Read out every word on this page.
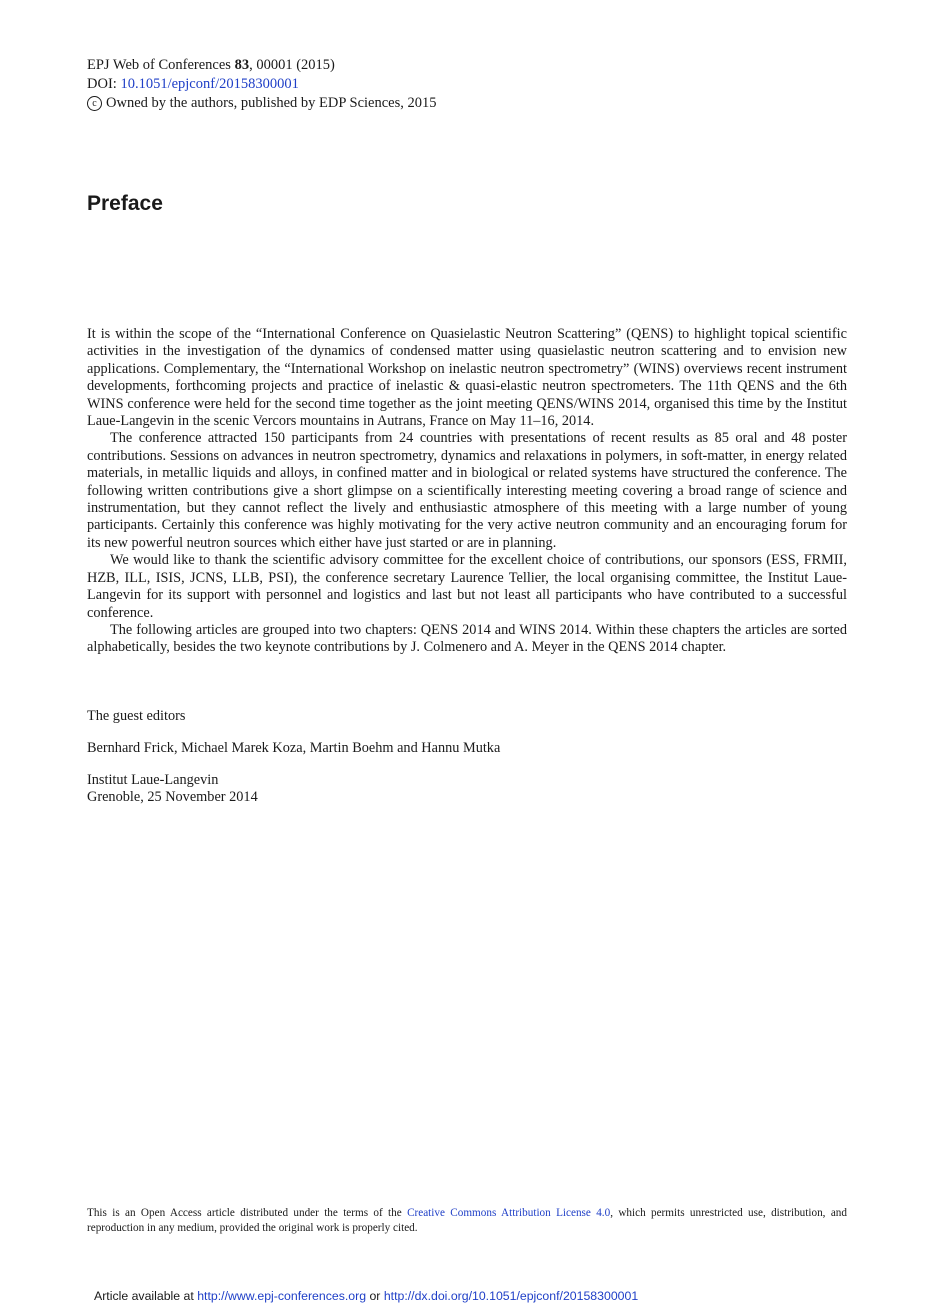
EPJ Web of Conferences 83, 00001 (2015)
DOI: 10.1051/epjconf/20158300001
c Owned by the authors, published by EDP Sciences, 2015
Preface

It is within the scope of the “International Conference on Quasielastic Neutron Scattering” (QENS) to highlight topical scientific activities in the investigation of the dynamics of condensed matter using quasielastic neutron scattering and to envision new applications. Complementary, the “International Workshop on inelastic neutron spectrometry” (WINS) overviews recent instrument developments, forthcoming projects and practice of inelastic & quasi-elastic neutron spectrometers. The 11th QENS and the 6th WINS conference were held for the second time together as the joint meeting QENS/WINS 2014, organised this time by the Institut Laue-Langevin in the scenic Vercors mountains in Autrans, France on May 11–16, 2014.

The conference attracted 150 participants from 24 countries with presentations of recent results as 85 oral and 48 poster contributions. Sessions on advances in neutron spectrometry, dynamics and relaxations in polymers, in soft-matter, in energy related materials, in metallic liquids and alloys, in confined matter and in biological or related systems have structured the conference. The following written contributions give a short glimpse on a scientifically interesting meeting covering a broad range of science and instrumentation, but they cannot reflect the lively and enthusiastic atmosphere of this meeting with a large number of young participants. Certainly this conference was highly motivating for the very active neutron community and an encouraging forum for its new powerful neutron sources which either have just started or are in planning.

We would like to thank the scientific advisory committee for the excellent choice of contributions, our sponsors (ESS, FRMII, HZB, ILL, ISIS, JCNS, LLB, PSI), the conference secretary Laurence Tellier, the local organising committee, the Institut Laue-Langevin for its support with personnel and logistics and last but not least all participants who have contributed to a successful conference.

The following articles are grouped into two chapters: QENS 2014 and WINS 2014. Within these chapters the articles are sorted alphabetically, besides the two keynote contributions by J. Colmenero and A. Meyer in the QENS 2014 chapter.

The guest editors
Bernhard Frick, Michael Marek Koza, Martin Boehm and Hannu Mutka
Institut Laue-Langevin
Grenoble, 25 November 2014
This is an Open Access article distributed under the terms of the Creative Commons Attribution License 4.0, which permits unrestricted use, distribution, and reproduction in any medium, provided the original work is properly cited.
Article available at http://www.epj-conferences.org or http://dx.doi.org/10.1051/epjconf/20158300001
